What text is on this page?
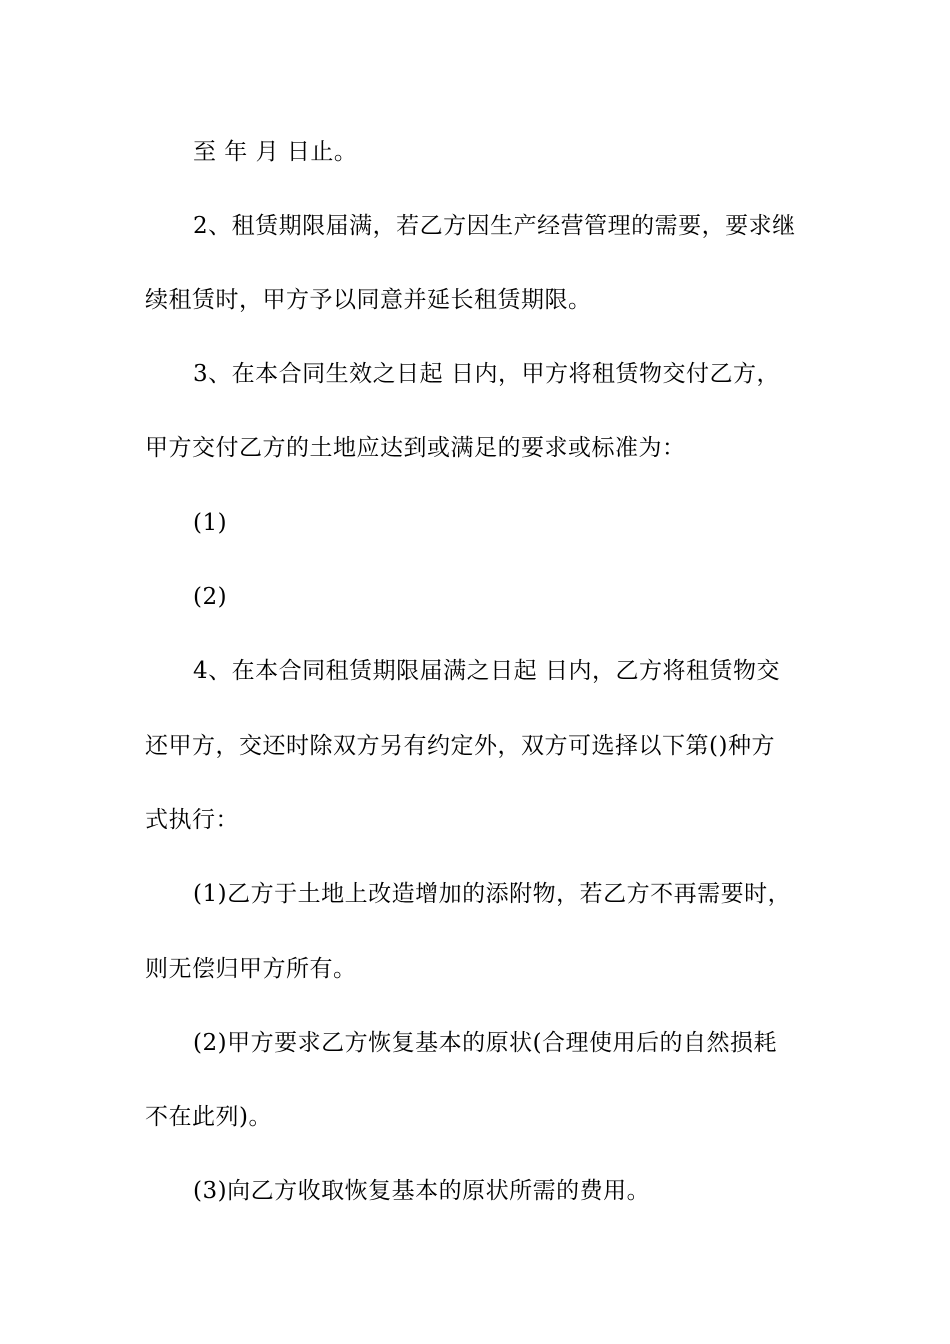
至 年 月 日止。
2、租赁期限届满，若乙方因生产经营管理的需要，要求继
续租赁时，甲方予以同意并延长租赁期限。
3、在本合同生效之日起 日内，甲方将租赁物交付乙方，
甲方交付乙方的土地应达到或满足的要求或标准为：
(1)
(2)
4、在本合同租赁期限届满之日起 日内，乙方将租赁物交
还甲方，交还时除双方另有约定外，双方可选择以下第()种方
式执行：
(1)乙方于土地上改造增加的添附物，若乙方不再需要时，
则无偿归甲方所有。
(2)甲方要求乙方恢复基本的原状(合理使用后的自然损耗
不在此列)。
(3)向乙方收取恢复基本的原状所需的费用。
